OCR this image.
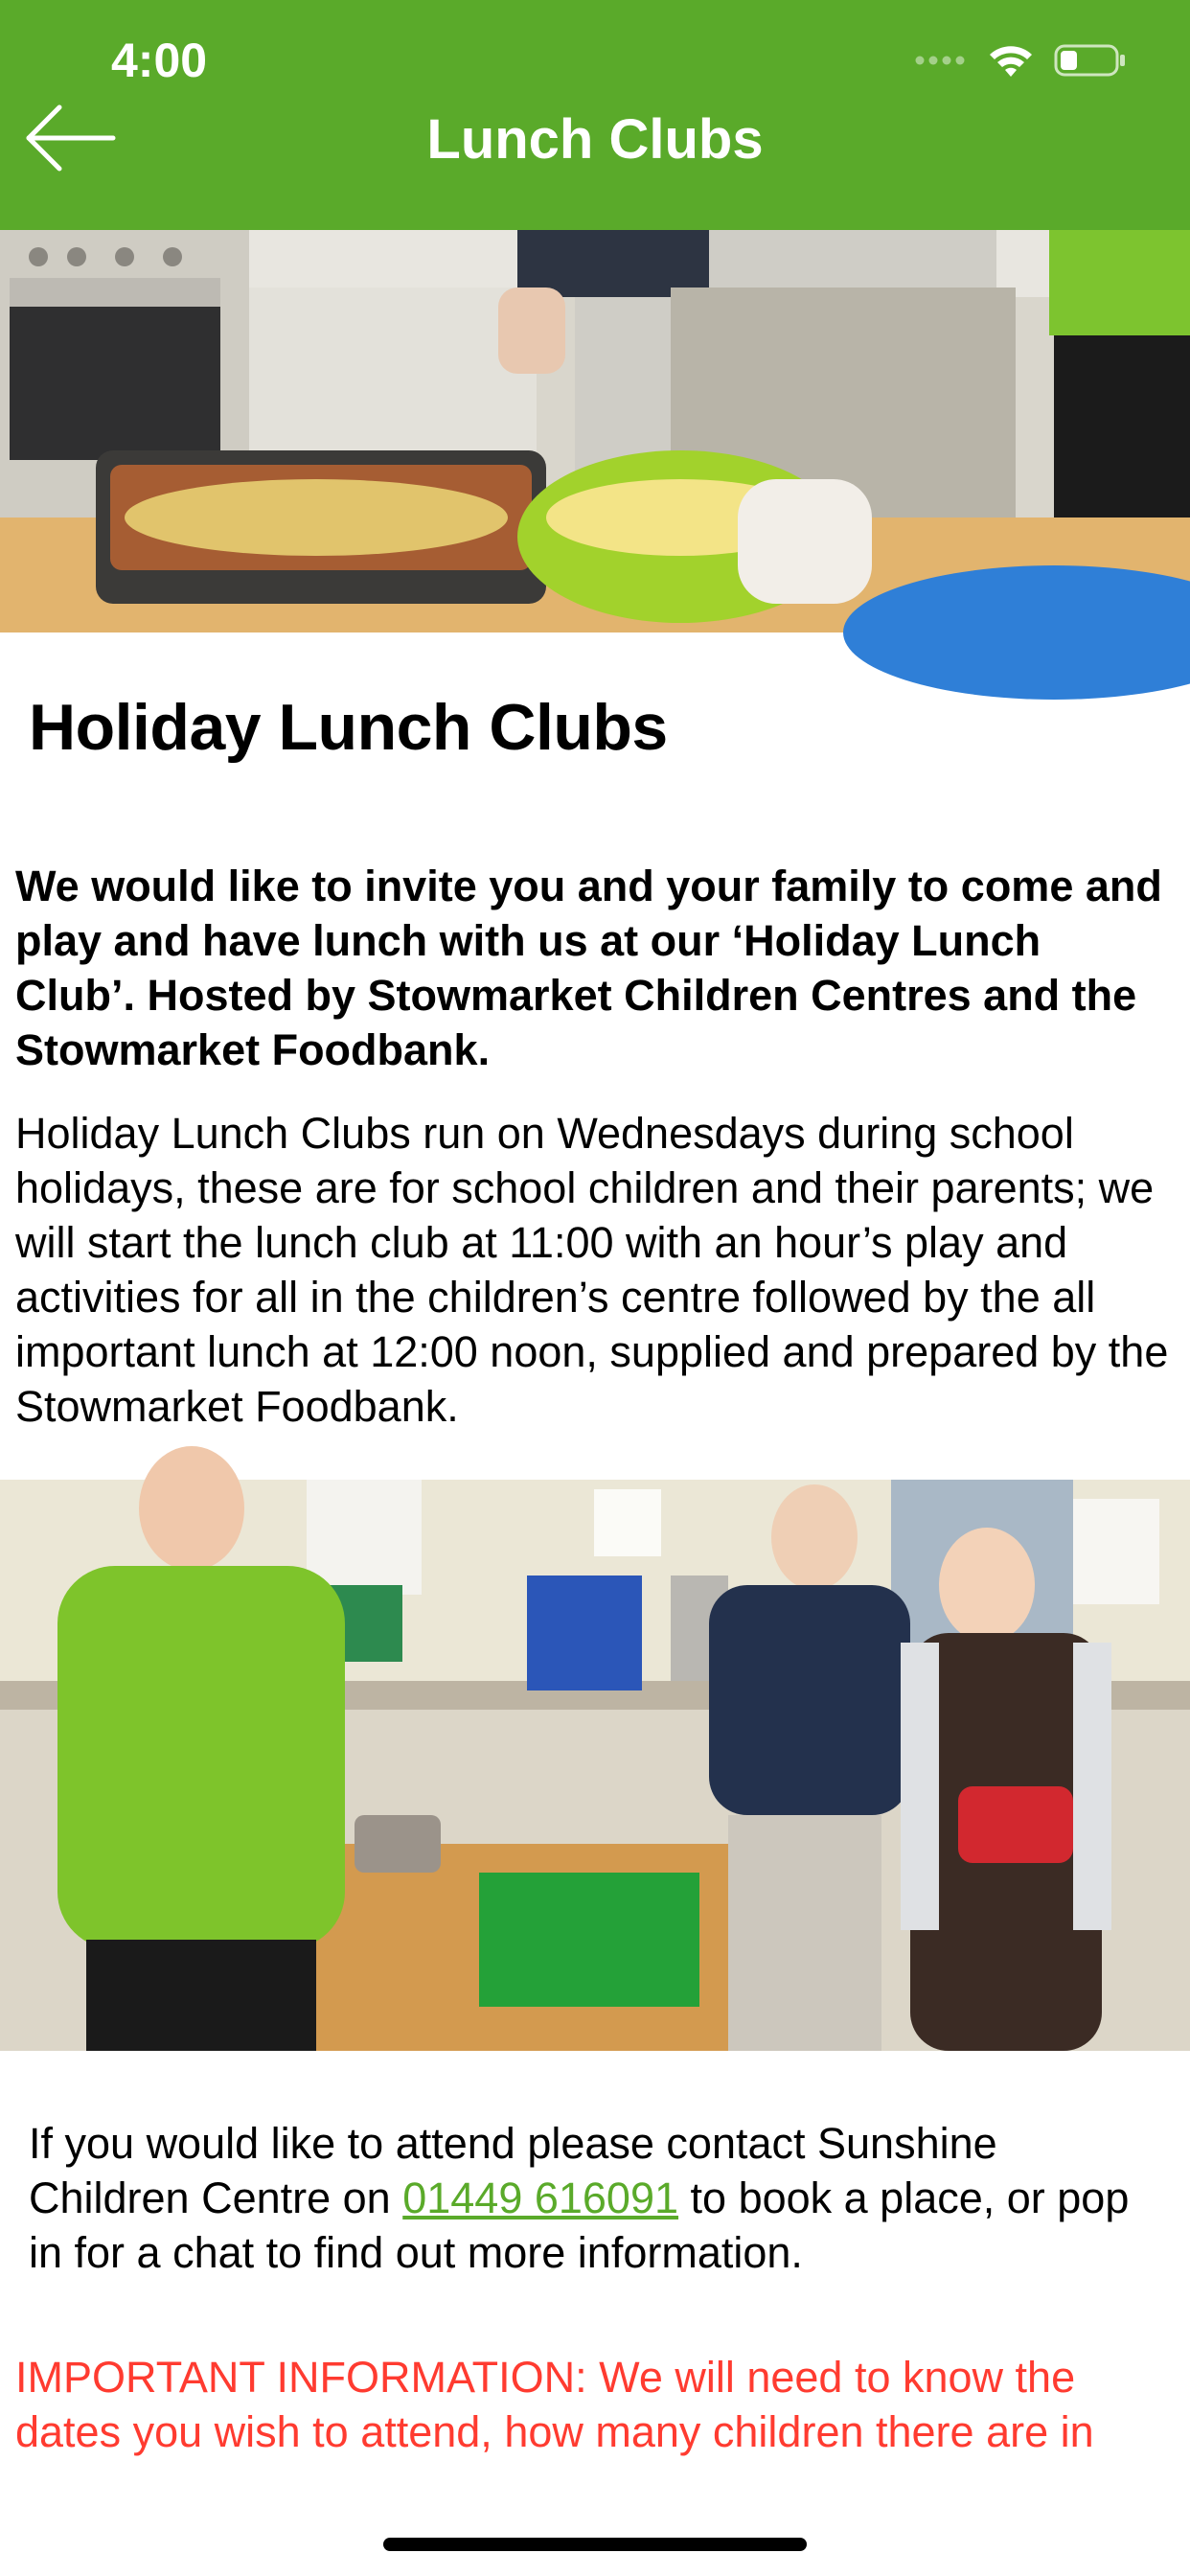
4:00
Lunch Clubs
Holiday Lunch Clubs
We would like to invite you and your family to come and play and have lunch with us at our ‘Holiday Lunch Club’. Hosted by Stowmarket Children Centres and the Stowmarket Foodbank.
Holiday Lunch Clubs run on Wednesdays during school holidays, these are for school children and their parents; we will start the lunch club at 11:00 with an hour’s play and activities for all in the children’s centre followed by the all important lunch at 12:00 noon, supplied and prepared by the Stowmarket Foodbank.
If you would like to attend please contact Sunshine Children Centre on 01449 616091 to book a place, or pop in for a chat to find out more information.
IMPORTANT INFORMATION: We will need to know the dates you wish to attend, how many children there are in
